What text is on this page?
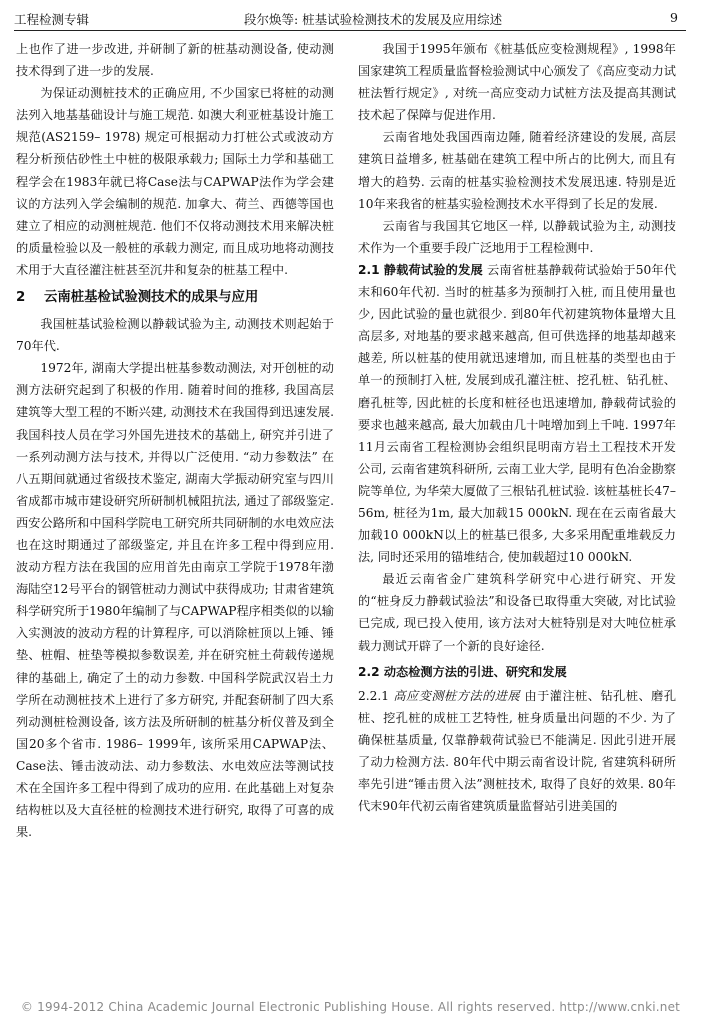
工程检测专辑	段尔焕等: 桩基试验检测技术的发展及应用综述	9

上也作了进一步改进, 并研制了新的桩基动测设备, 使动测技术得到了进一步的发展.

为保证动测桩技术的正确应用, 不少国家已将桩的动测法列入地基基础设计与施工规范. 如澳大利亚桩基设计施工规范(AS2159– 1978) 规定可根据动力打桩公式或波动方程分析预估砂性土中桩的极限承载力; 国际土力学和基础工程学会在1983年就已将Case法与CAPWAP法作为学会建议的方法列入学会编制的规范. 加拿大、荷兰、西德等国也建立了相应的动测桩规范. 他们不仅将动测技术用来解决桩的质量检验以及一般桩的承载力测定, 而且成功地将动测技术用于大直径灌注桩甚至沉井和复杂的桩基工程中.

2 云南桩基检试验测技术的成果与应用

我国桩基试验检测以静载试验为主, 动测技术则起始于70年代.

1972年, 湖南大学提出桩基参数动测法, 对开创桩的动测方法研究起到了积极的作用. 随着时间的推移, 我国高层建筑等大型工程的不断兴建, 动测技术在我国得到迅速发展. 我国科技人员在学习外国先进技术的基础上, 研究并引进了一系列动测方法与技术, 并得以广泛使用. “动力参数法” 在八五期间就通过省级技术鉴定, 湖南大学振动研究室与四川省成都市城市建设研究所研制机械阻抗法, 通过了部级鉴定. 西安公路所和中国科学院电工研究所共同研制的水电效应法也在这时期通过了部级鉴定, 并且在许多工程中得到应用. 波动方程方法在我国的应用首先由南京工学院于1978年渤海陆空12号平台的钢管桩动力测试中获得成功; 甘肃省建筑科学研究所于1980年编制了与CAPWAP程序相类似的以输入实测波的波动方程的计算程序, 可以消除桩顶以上锤、锤垫、桩帽、桩垫等模拟参数误差, 并在研究桩土荷载传递规律的基础上, 确定了土的动力参数. 中国科学院武汉岩土力学所在动测桩技术上进行了多方研究, 并配套研制了四大系列动测桩检测设备, 该方法及所研制的桩基分析仪普及到全国20多个省市. 1986– 1999年, 该所采用CAPWAP法、Case法、锤击波动法、动力参数法、水电效应法等测试技术在全国许多工程中得到了成功的应用. 在此基础上对复杂结构桩以及大直径桩的检测技术进行研究, 取得了可喜的成果.

我国于1995年颁布《桩基低应变检测规程》, 1998年国家建筑工程质量监督检验测试中心颁发了《高应变动力试桩法暂行规定》, 对统一高应变动力试桩方法及提高其测试技术起了保障与促进作用.

云南省地处我国西南边陲, 随着经济建设的发展, 高层建筑日益增多, 桩基础在建筑工程中所占的比例大, 而且有增大的趋势. 云南的桩基实验检测技术发展迅速. 特别是近10年来我省的桩基实验检测技术水平得到了长足的发展.

云南省与我国其它地区一样, 以静载试验为主, 动测技术作为一个重要手段广泛地用于工程检测中.

2.1 静载荷试验的发展 云南省桩基静载荷试验始于50年代末和60年代初. 当时的桩基多为预制打入桩, 而且使用量也少, 因此试验的量也就很少. 到80年代初建筑物体量增大且高层多, 对地基的要求越来越高, 但可供选择的地基却越来越差, 所以桩基的使用就迅速增加, 而且桩基的类型也由于单一的预制打入桩, 发展到成孔灌注桩、挖孔桩、钻孔桩、磨孔桩等, 因此桩的长度和桩径也迅速增加, 静载荷试验的要求也越来越高, 最大加载由几十吨增加到上千吨. 1997年11月云南省工程检测协会组织昆明南方岩土工程技术开发公司, 云南省建筑科研所, 云南工业大学, 昆明有色冶金勘察院等单位, 为华荣大厦做了三根钻孔桩试验. 该桩基桩长47– 56m, 桩径为1m, 最大加载15 000kN. 现在在云南省最大加载10 000kN以上的桩基已很多, 大多采用配重堆载反力法, 同时还采用的锚堆结合, 使加载超过10 000kN.

最近云南省金广建筑科学研究中心进行研究、开发的“桩身反力静载试验法”和设备已取得重大突破, 对比试验已完成, 现已投入使用, 该方法对大桩特别是对大吨位桩承载力测试开辟了一个新的良好途径.

2.2 动态检测方法的引进、研究和发展

2.2.1 高应变测桩方法的进展 由于灌注桩、钻孔桩、磨孔桩、挖孔桩的成桩工艺特性, 桩身质量出问题的不少. 为了确保桩基质量, 仅靠静载荷试验已不能满足. 因此引进开展了动力检测方法. 80年代中期云南省设计院, 省建筑科研所率先引进“锤击贯入法”测桩技术, 取得了良好的效果. 80年代末90年代初云南省建筑质量监督站引进美国的

© 1994-2012 China Academic Journal Electronic Publishing House. All rights reserved. http://www.cnki.net
